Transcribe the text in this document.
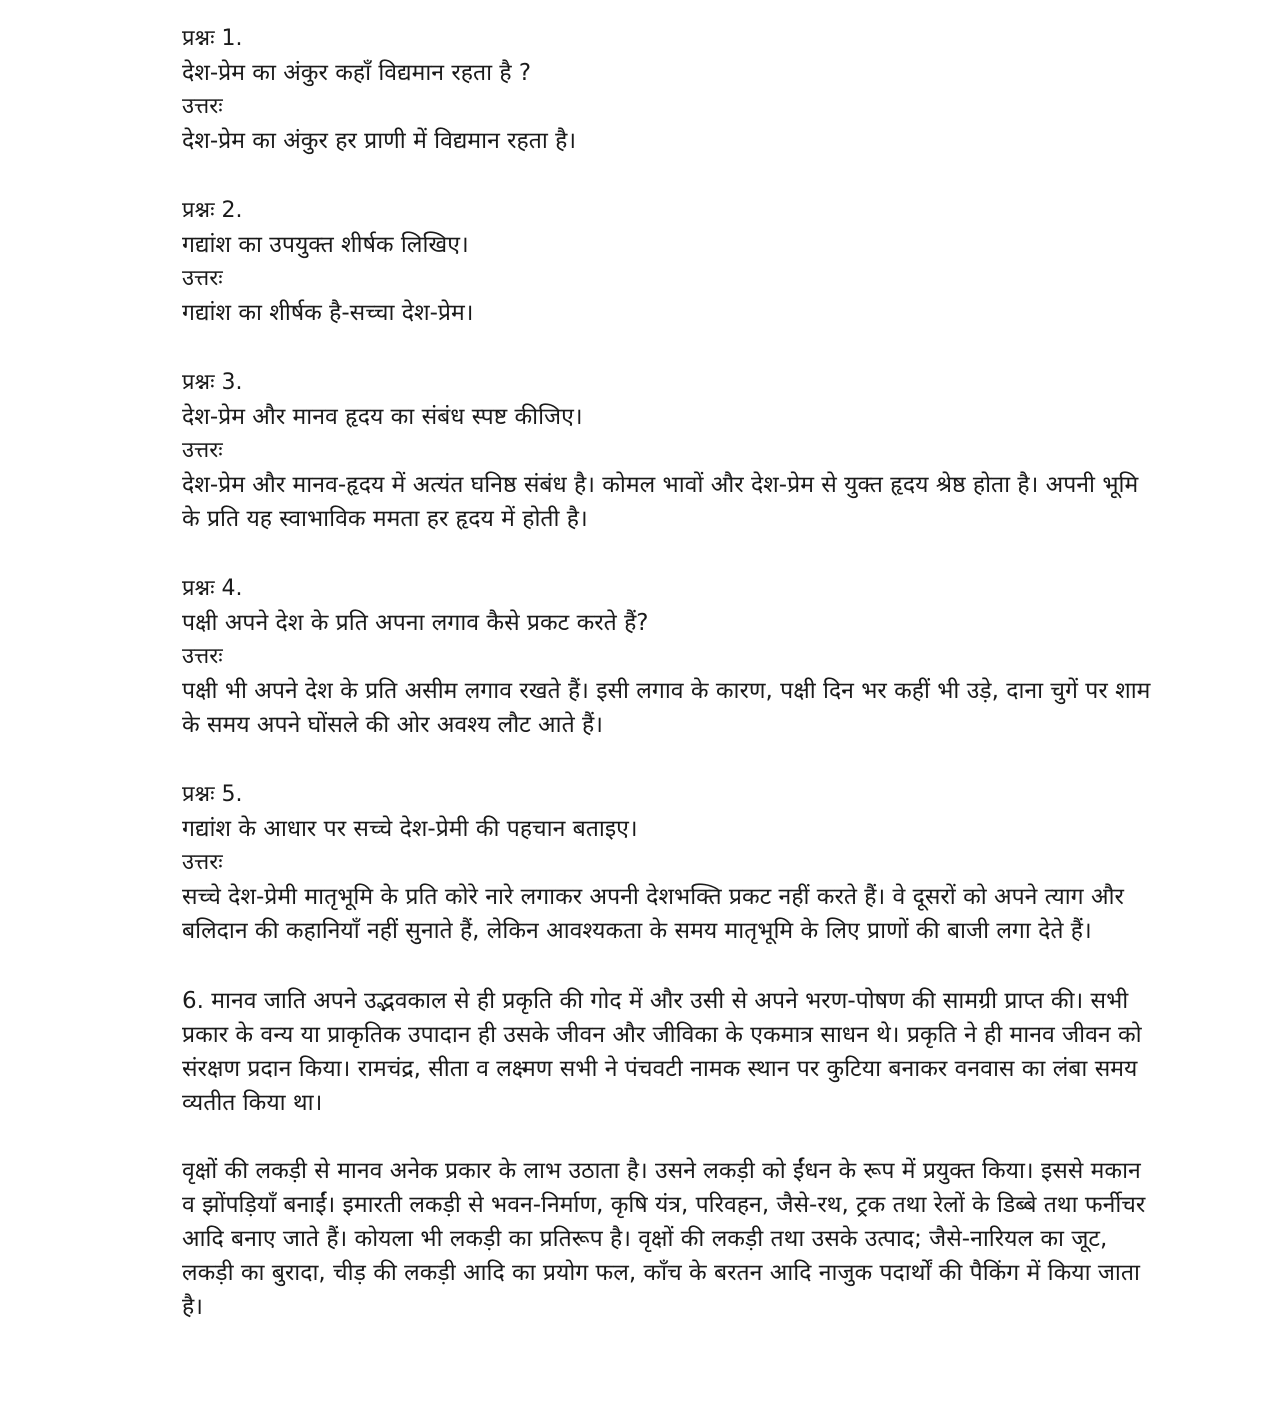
प्रश्नः 1.

देश-प्रेम का अंकुर कहाँ विद्यमान रहता है ?

उत्तरः

देश-प्रेम का अंकुर हर प्राणी में विद्यमान रहता है।

प्रश्नः 2.

गद्यांश का उपयुक्त शीर्षक लिखिए।

उत्तरः

गद्यांश का शीर्षक है-सच्चा देश-प्रेम।

प्रश्नः 3.

देश-प्रेम और मानव हृदय का संबंध स्पष्ट कीजिए।

उत्तरः

देश-प्रेम और मानव-हृदय में अत्यंत घनिष्ठ संबंध है। कोमल भावों और देश-प्रेम से युक्त हृदय श्रेष्ठ होता है। अपनी भूमि के प्रति यह स्वाभाविक ममता हर हृदय में होती है।

प्रश्नः 4.

पक्षी अपने देश के प्रति अपना लगाव कैसे प्रकट करते हैं?

उत्तरः

पक्षी भी अपने देश के प्रति असीम लगाव रखते हैं। इसी लगाव के कारण, पक्षी दिन भर कहीं भी उड़े, दाना चुगें पर शाम के समय अपने घोंसले की ओर अवश्य लौट आते हैं।

प्रश्नः 5.

गद्यांश के आधार पर सच्चे देश-प्रेमी की पहचान बताइए।

उत्तरः

सच्चे देश-प्रेमी मातृभूमि के प्रति कोरे नारे लगाकर अपनी देशभक्ति प्रकट नहीं करते हैं। वे दूसरों को अपने त्याग और बलिदान की कहानियाँ नहीं सुनाते हैं, लेकिन आवश्यकता के समय मातृभूमि के लिए प्राणों की बाजी लगा देते हैं।

6. मानव जाति अपने उद्भवकाल से ही प्रकृति की गोद में और उसी से अपने भरण-पोषण की सामग्री प्राप्त की। सभी प्रकार के वन्य या प्राकृतिक उपादान ही उसके जीवन और जीविका के एकमात्र साधन थे। प्रकृति ने ही मानव जीवन को संरक्षण प्रदान किया। रामचंद्र, सीता व लक्ष्मण सभी ने पंचवटी नामक स्थान पर कुटिया बनाकर वनवास का लंबा समय व्यतीत किया था।

वृक्षों की लकड़ी से मानव अनेक प्रकार के लाभ उठाता है। उसने लकड़ी को ईंधन के रूप में प्रयुक्त किया। इससे मकान व झोंपड़ियाँ बनाईं। इमारती लकड़ी से भवन-निर्माण, कृषि यंत्र, परिवहन, जैसे-रथ, ट्रक तथा रेलों के डिब्बे तथा फर्नीचर आदि बनाए जाते हैं। कोयला भी लकड़ी का प्रतिरूप है। वृक्षों की लकड़ी तथा उसके उत्पाद; जैसे-नारियल का जूट, लकड़ी का बुरादा, चीड़ की लकड़ी आदि का प्रयोग फल, काँच के बरतन आदि नाजुक पदार्थों की पैकिंग में किया जाता है।
